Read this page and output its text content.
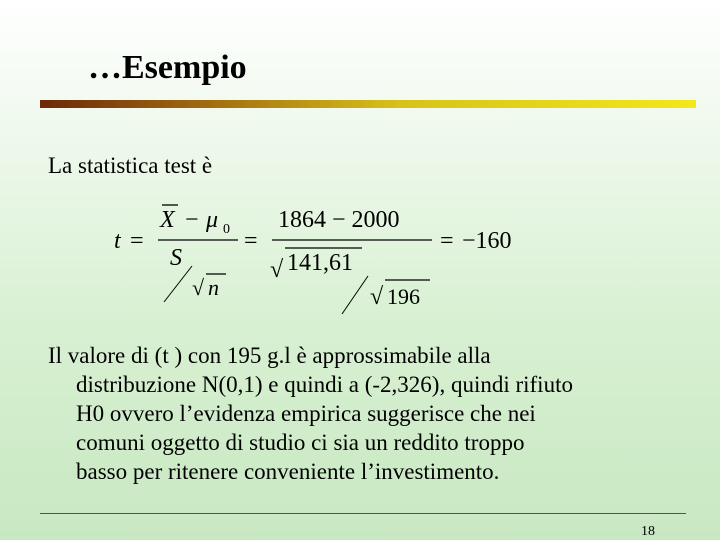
…Esempio
La statistica test è
t =
X − μ 0
S
√ n
=
1864 − 2000
√ 141,61
√ 196
= −160
Il valore di (t ) con 195 g.l è approssimabile alla
distribuzione N(0,1) e quindi a (-2,326), quindi rifiuto
H0 ovvero l’evidenza empirica suggerisce che nei
comuni oggetto di studio ci sia un reddito troppo
basso per ritenere conveniente l’investimento.
18
